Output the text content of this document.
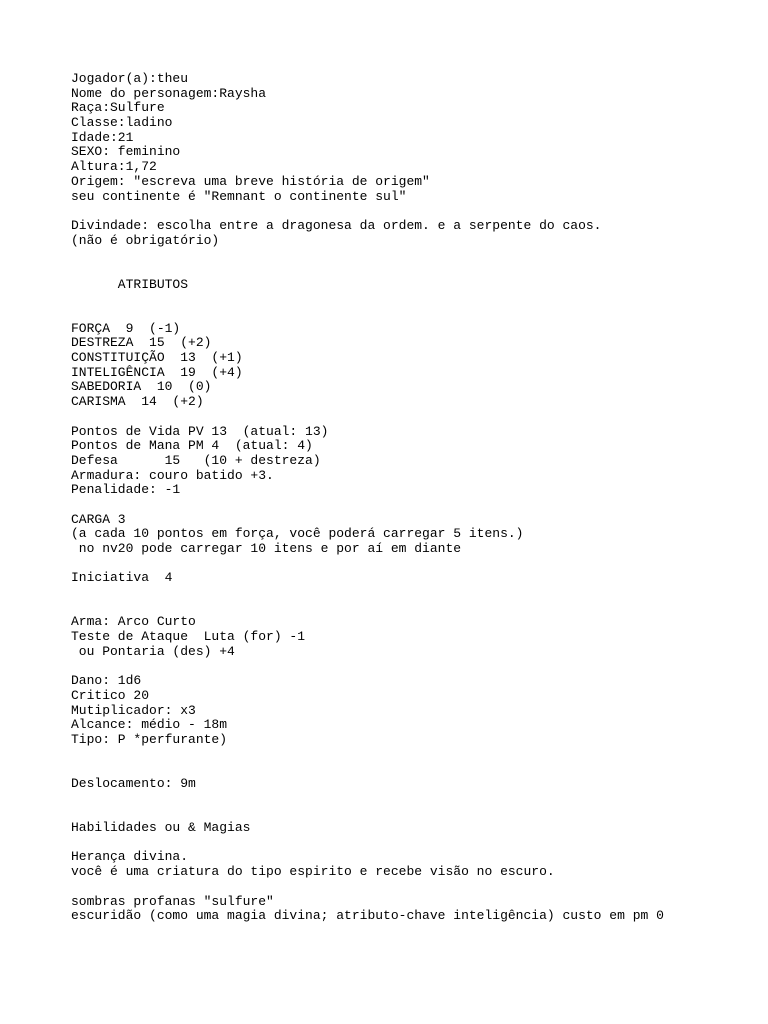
Jogador(a):theu
Nome do personagem:Raysha
Raça:Sulfure
Classe:ladino
Idade:21
SEXO: feminino
Altura:1,72
Origem: "escreva uma breve história de origem"
seu continente é "Remnant o continente sul"
Divindade: escolha entre a dragonesa da ordem. e a serpente do caos.
(não é obrigatório)
ATRIBUTOS
FORÇA  9  (-1)
DESTREZA  15  (+2)
CONSTITUIÇÃO  13  (+1)
INTELIGÊNCIA  19  (+4)
SABEDORIA  10  (0)
CARISMA  14  (+2)
Pontos de Vida PV 13  (atual: 13)
Pontos de Mana PM 4  (atual: 4)
Defesa      15   (10 + destreza)
Armadura: couro batido +3.
Penalidade: -1
CARGA 3
(a cada 10 pontos em força, você poderá carregar 5 itens.)
no nv20 pode carregar 10 itens e por aí em diante
Iniciativa  4
Arma: Arco Curto
Teste de Ataque  Luta (for) -1
ou Pontaria (des) +4
Dano: 1d6
Critico 20
Mutiplicador: x3
Alcance: médio - 18m
Tipo: P *perfurante)
Deslocamento: 9m
Habilidades ou & Magias
Herança divina.
você é uma criatura do tipo espirito e recebe visão no escuro.
sombras profanas "sulfure"
escuridão (como uma magia divina; atributo-chave inteligência) custo em pm 0
